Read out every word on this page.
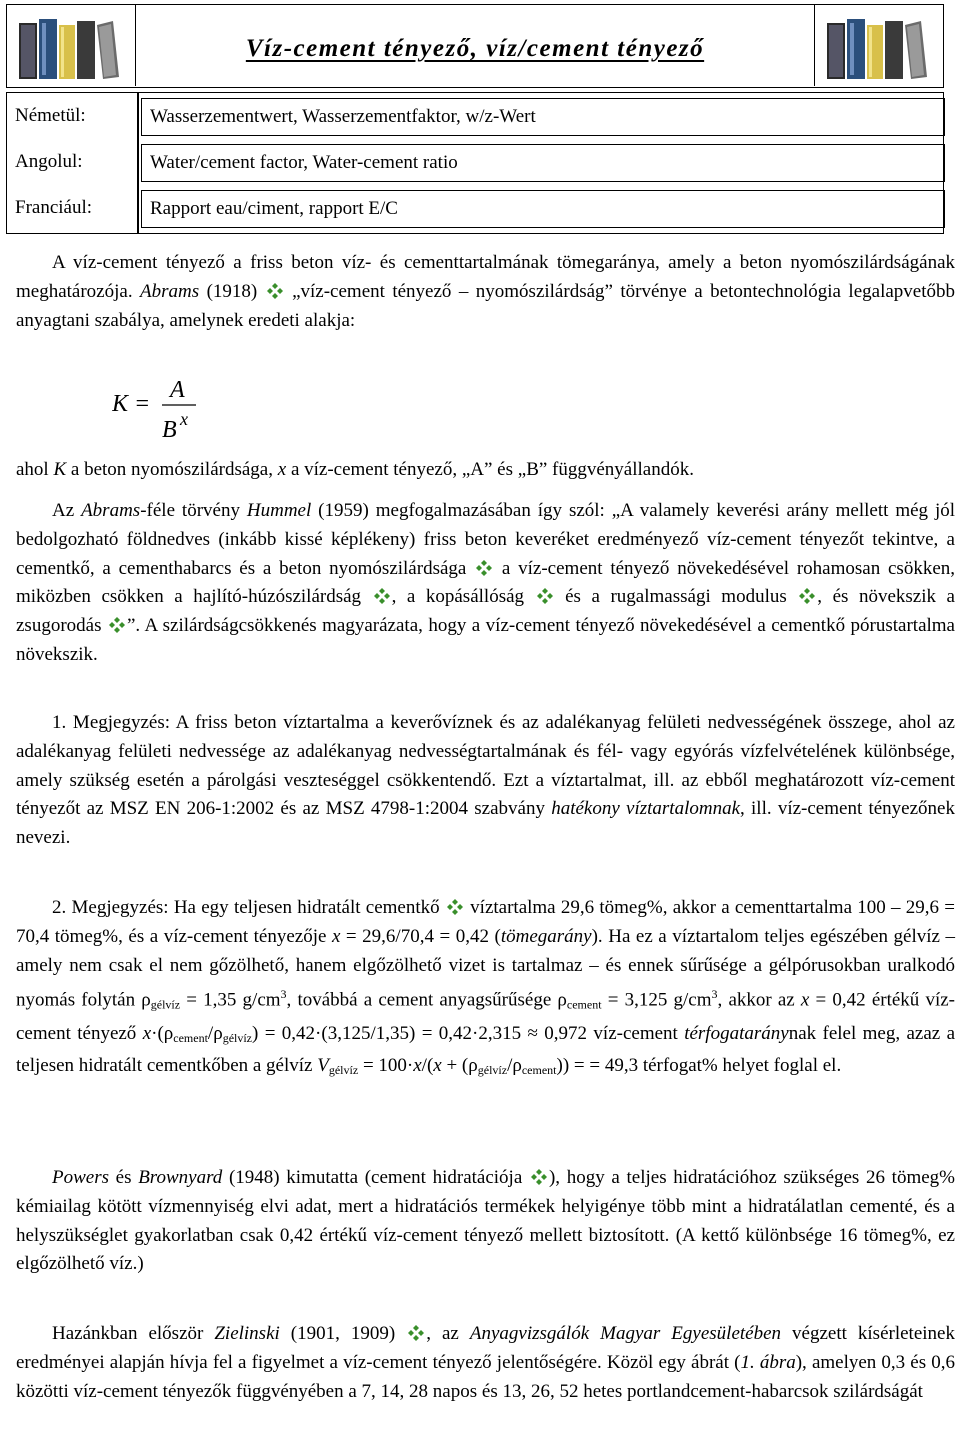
Víz-cement tényező, víz/cement tényező
Németül:	Wasserzementwert, Wasserzementfaktor, w/z-Wert
Angolul:	Water/cement factor, Water-cement ratio
Franciául:	Rapport eau/ciment, rapport E/C

A víz-cement tényező a friss beton víz- és cementtartalmának tömegaránya, amely a beton nyomószilárdságának meghatározója. Abrams (1918)  „víz-cement tényező – nyomószilárdság” törvénye a betontechnológia legalapvetőbb anyagtani szabálya, amelynek eredeti alakja:

K =
A
B x

ahol K a beton nyomószilárdsága, x a víz-cement tényező, „A” és „B” függvényállandók.

Az Abrams-féle törvény Hummel (1959) megfogalmazásában így szól: „A valamely keverési arány mellett még jól bedolgozható földnedves (inkább kissé képlékeny) friss beton keveréket eredményező víz-cement tényezőt tekintve, a cementkő, a cementhabarcs és a beton nyomószilárdsága  a víz-cement tényező növekedésével rohamosan csökken, miközben csökken a hajlító-húzószilárdság , a kopásállóság  és a rugalmassági modulus , és növekszik a zsugorodás ”. A szilárdságcsökkenés magyarázata, hogy a víz-cement tényező növekedésével a cementkő pórustartalma növekszik.

1. Megjegyzés: A friss beton víztartalma a keverővíznek és az adalékanyag felületi nedvességének összege, ahol az adalékanyag felületi nedvessége az adalékanyag nedvességtartalmának és fél- vagy egyórás vízfelvételének különbsége, amely szükség esetén a párolgási veszteséggel csökkentendő. Ezt a víztartalmat, ill. az ebből meghatározott víz-cement tényezőt az MSZ EN 206-1:2002 és az MSZ 4798-1:2004 szabvány hatékony víztartalomnak, ill. víz-cement tényezőnek nevezi.

2. Megjegyzés: Ha egy teljesen hidratált cementkő  víztartalma 29,6 tömeg%, akkor a cementtartalma 100 – 29,6 = 70,4 tömeg%, és a víz-cement tényezője x = 29,6/70,4 = 0,42 (tömegarány). Ha ez a víztartalom teljes egészében gélvíz – amely nem csak el nem gőzölhető, hanem elgőzölhető vizet is tartalmaz – és ennek sűrűsége a gélpórusokban uralkodó nyomás folytán $\rho_{gélvíz} = 1,35$ $g/cm^3$, továbbá a cement anyagsűrűsége $\rho_{cement} = 3,125$ $g/cm^3$, akkor az x = 0,42 értékű víz-cement tényező $x\cdot(\rho_{cement}/\rho_{gélvíz}) = 0,42\cdot(3,125/1,35) = 0,42\cdot 2,315 \approx 0,972$ víz-cement térfogataránynak felel meg, azaz a teljesen hidratált cementkőben a gélvíz $V_{gélvíz} = 100\cdot x/(x + (\rho_{gélvíz}/\rho_{cement}))$ = = 49,3 térfogat% helyet foglal el.

Powers és Brownyard (1948) kimutatta (cement hidratációja ), hogy a teljes hidratációhoz szükséges 26 tömeg% kémiailag kötött vízmennyiség elvi adat, mert a hidratációs termékek helyigénye több mint a hidratálatlan cementé, és a helyszükséglet gyakorlatban csak 0,42 értékű víz-cement tényező mellett biztosított. (A kettő különbsége 16 tömeg%, ez elgőzölhető víz.)

Hazánkban először Zielinski (1901, 1909) , az Anyagvizsgálók Magyar Egyesületében végzett kísérleteinek eredményei alapján hívja fel a figyelmet a víz-cement tényező jelentőségére. Közöl egy ábrát (1. ábra), amelyen 0,3 és 0,6 közötti víz-cement tényezők függvényében a 7, 14, 28 napos és 13, 26, 52 hetes portlandcement-habarcsok szilárdságát
